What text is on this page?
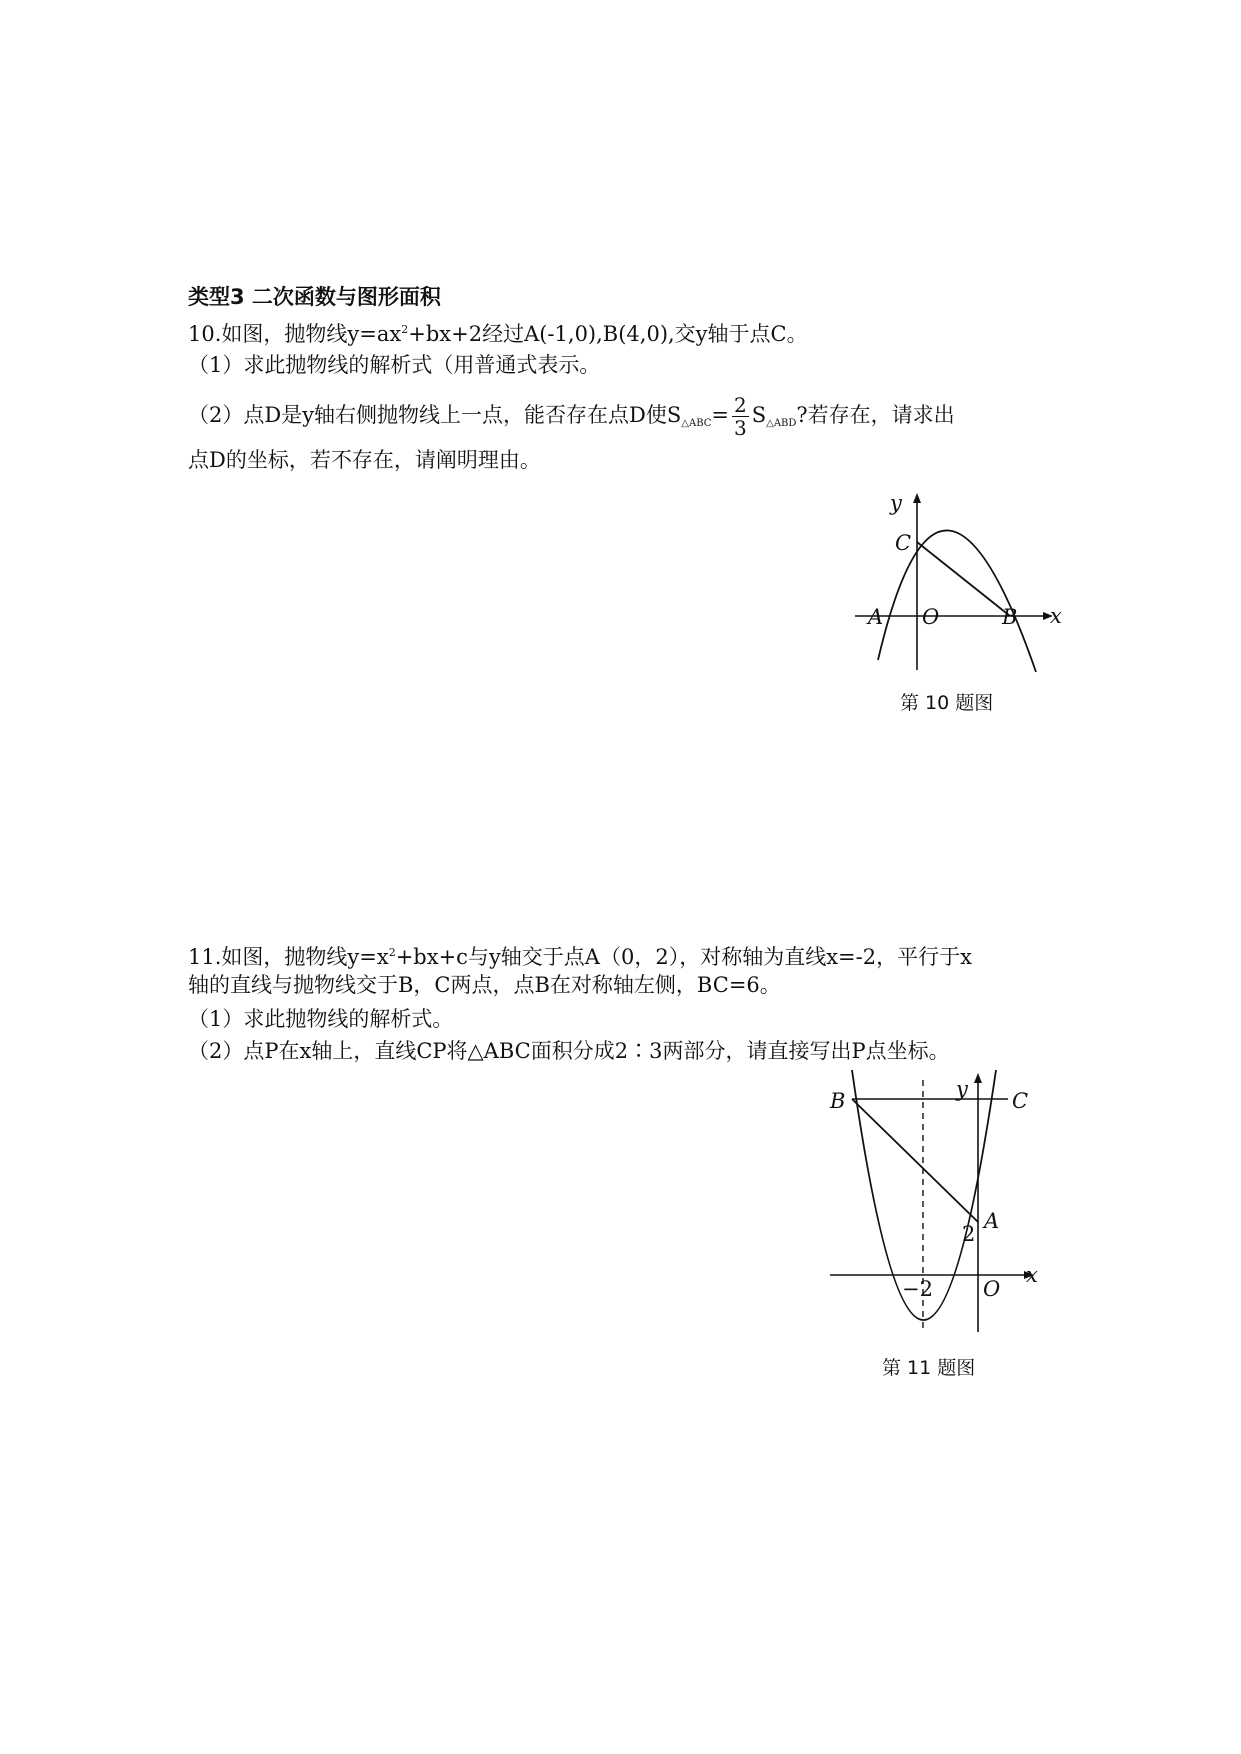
类型3 二次函数与图形面积
10.如图，抛物线$y=ax^2+bx+2$经过A(-1,0),B(4,0),交y轴于点C。
（1）求此抛物线的解析式（用普通式表示。
（2）点D是y轴右侧抛物线上一点，能否存在点D使$S_{\triangle ABC}= \frac{2}{3} S_{\triangle ABD}$?若存在，请求出
点D的坐标，若不存在，请阐明理由。
y
x
C
A O	B
第 10 题图
11.如图，抛物线$y=x^2+bx+c$与y轴交于点A（0，2），对称轴为直线x=-2，平行于x
轴的直线与抛物线交于B，C两点，点B在对称轴左侧，BC=6。
（1）求此抛物线的解析式。
（2）点P在x轴上，直线CP将△ABC面积分成2∶3两部分，请直接写出P点坐标。
y
x
B	C
A
2
−2 O
第 11 题图
